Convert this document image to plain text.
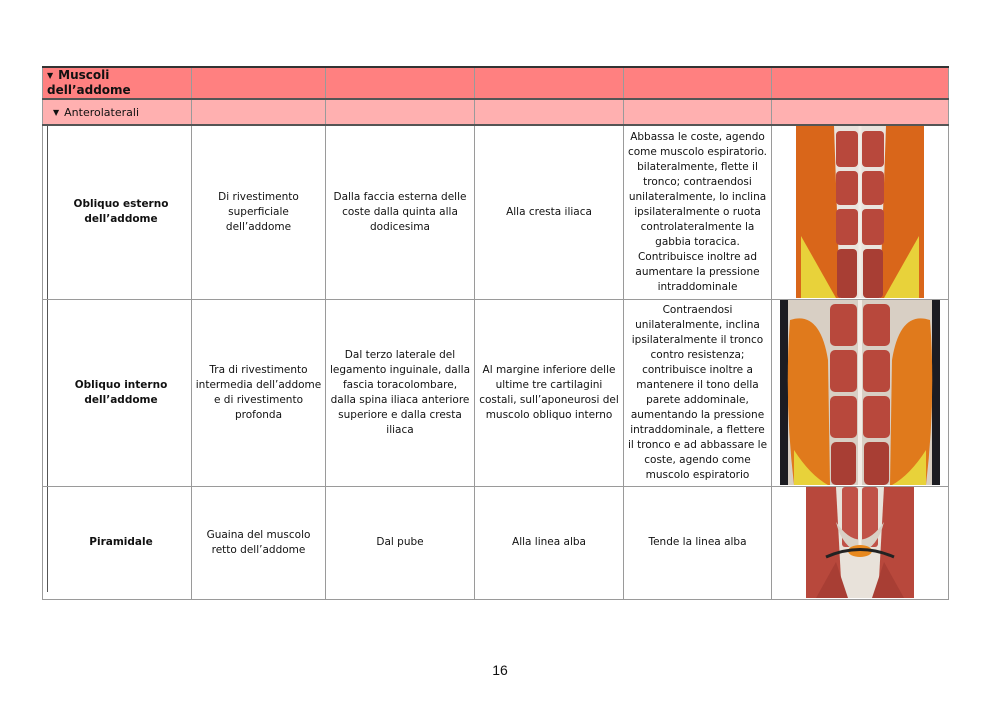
▼ Muscoli dell’addome					
▼ Anterolaterali					

Obliquo esterno
dell’addome	Di rivestimento superficiale dell’addome	Dalla faccia esterna delle coste dalla quinta alla dodicesima	Alla cresta iliaca	Abbassa le coste, agendo come muscolo espiratorio. bilateralmente, flette il tronco; contraendosi unilateralmente, lo inclina ipsilateralmente o ruota controlateralmente la gabbia toracica. Contribuisce inoltre ad aumentare la pressione intraddominale	

Obliquo interno
dell’addome	Tra di rivestimento intermedia dell’addome e di rivestimento profonda	Dal terzo laterale del legamento inguinale, dalla fascia toracolombare, dalla spina iliaca anteriore superiore e dalla cresta iliaca	Al margine inferiore delle ultime tre cartilagini costali, sull’aponeurosi del muscolo obliquo interno	Contraendosi unilateralmente, inclina ipsilateralmente il tronco contro resistenza; contribuisce inoltre a mantenere il tono della parete addominale, aumentando la pressione intraddominale, a flettere il tronco e ad abbassare le coste, agendo come muscolo espiratorio	

Piramidale	Guaina del muscolo retto dell’addome	Dal pube	Alla linea alba	Tende la linea alba	
16
